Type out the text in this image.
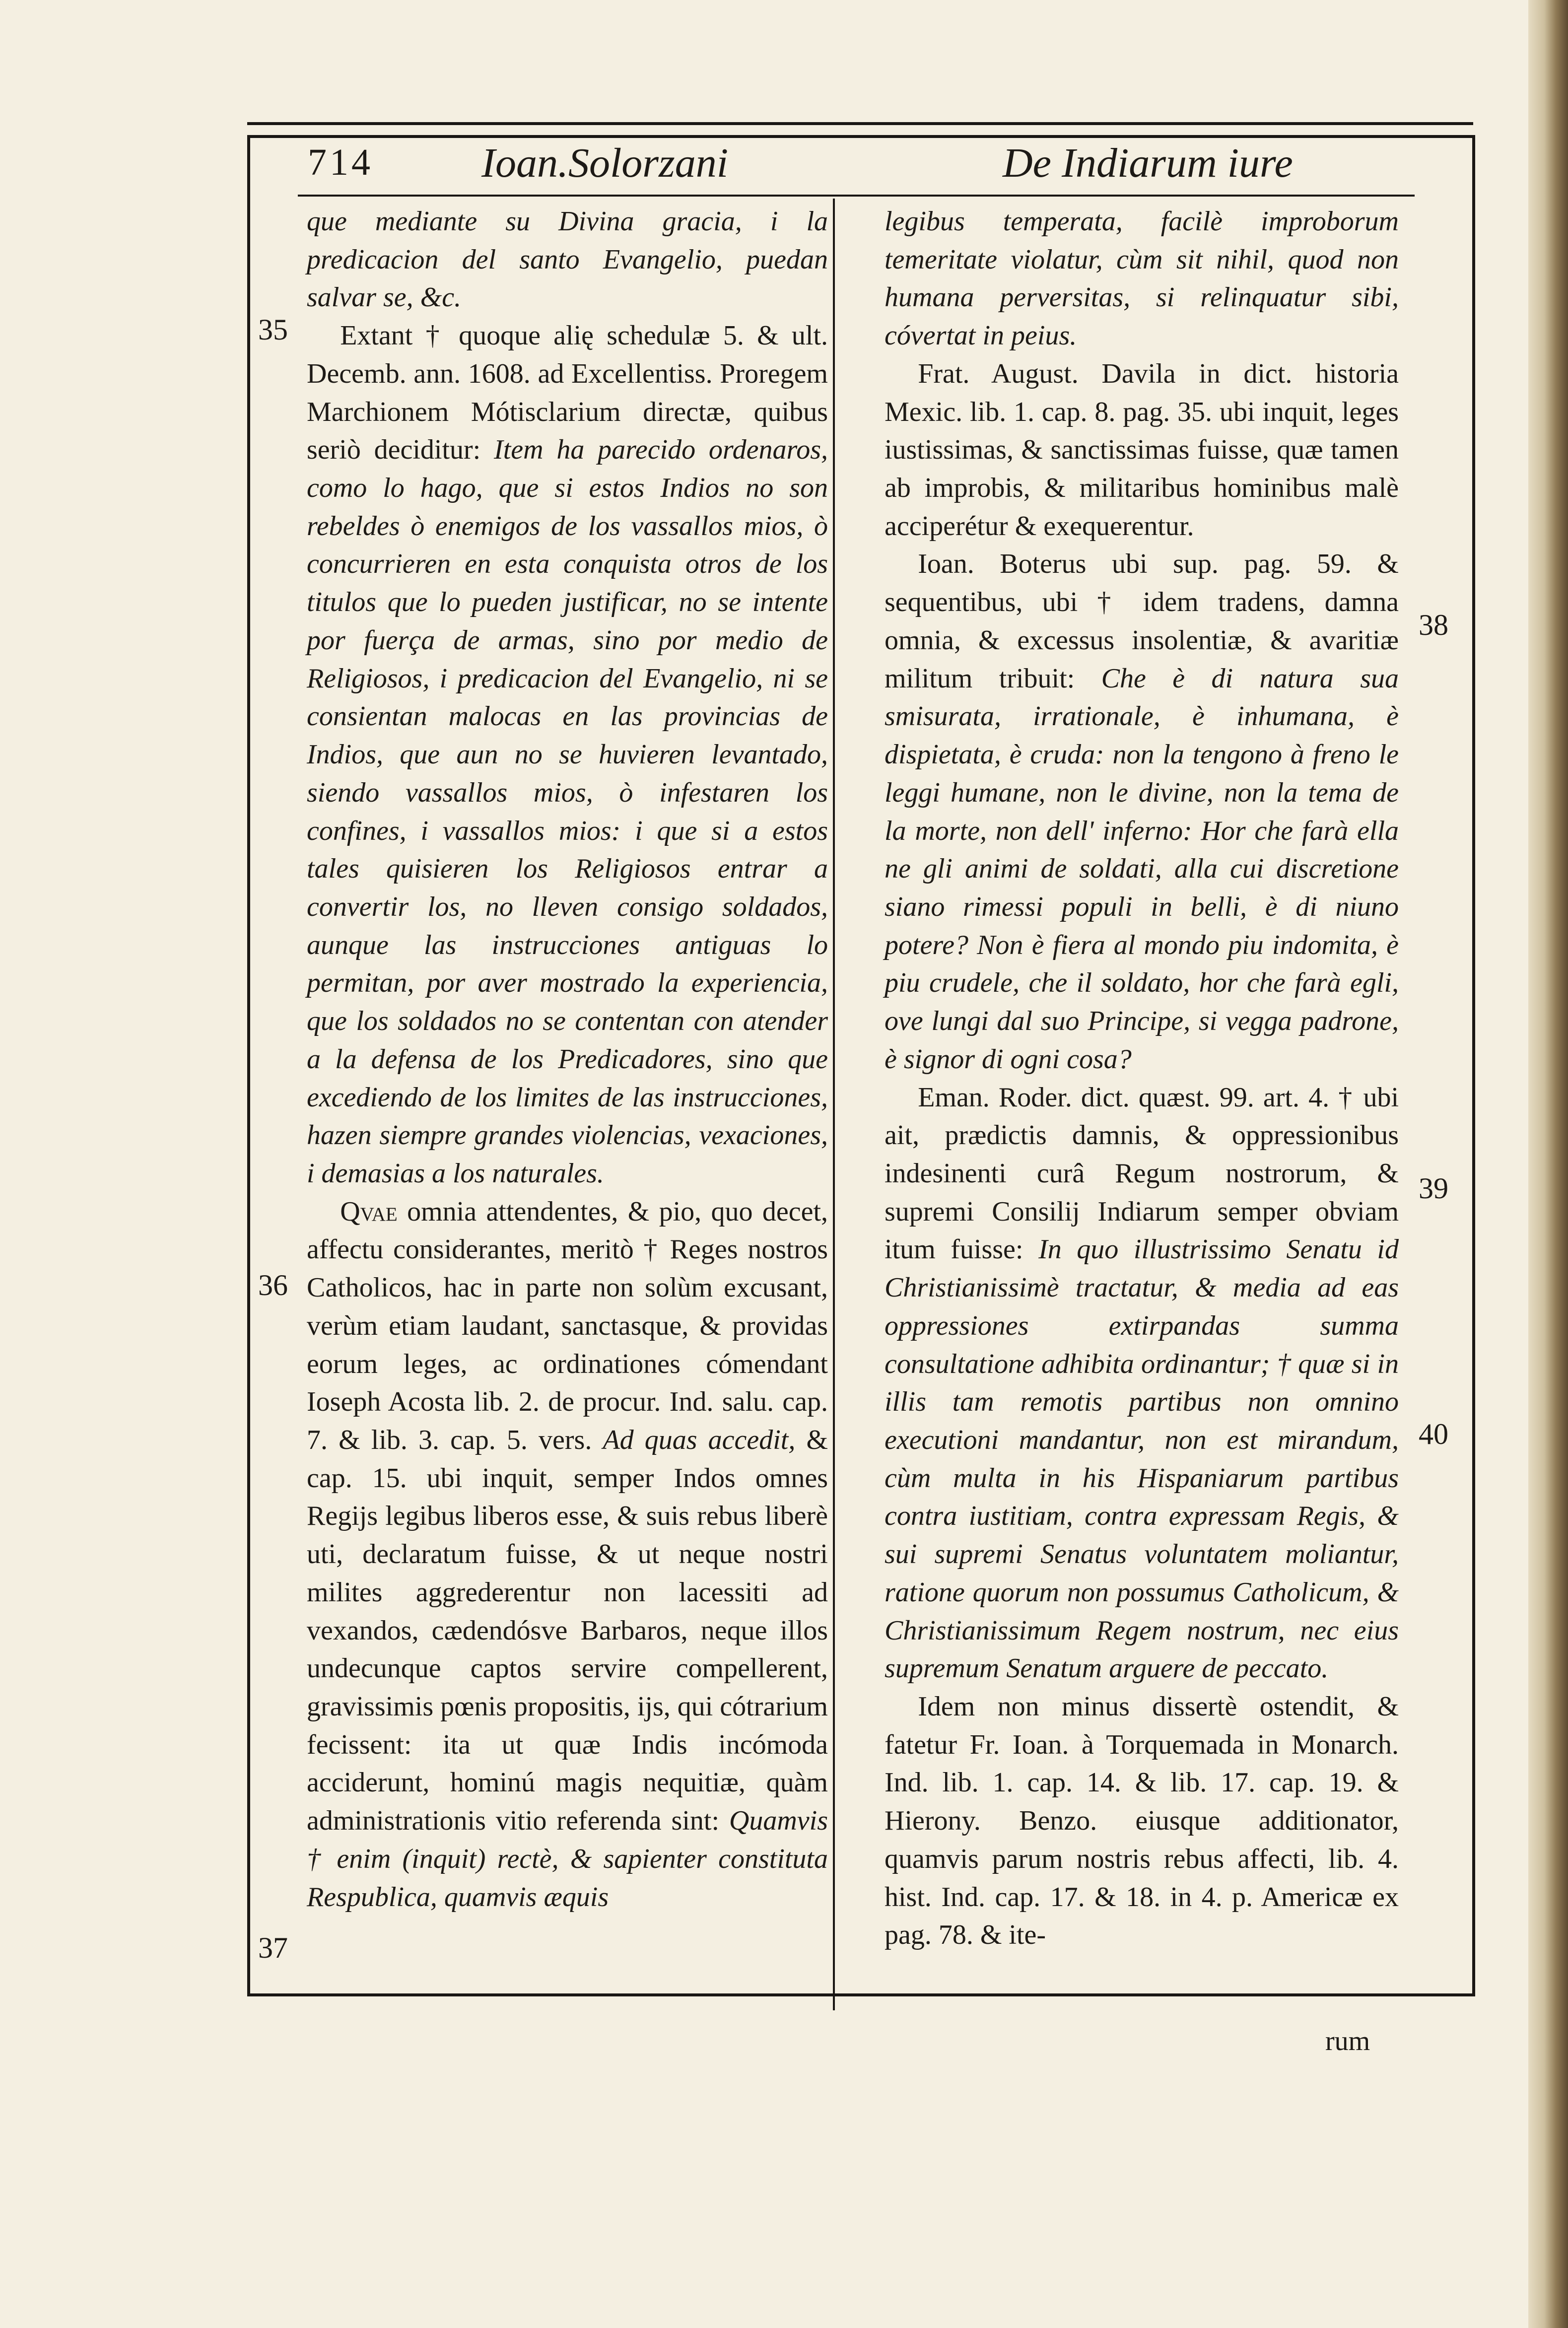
714	Ioan.Solorzani	De Indiarum iure

que mediante su Divina gracia, i la predicacion del santo Evangelio, puedan salvar se, &c.

Extant † quoque alię schedulæ 5. & ult. Decemb. ann. 1608. ad Excellentiss. Proregem Marchionem Mótisclarium directæ, quibus seriò deciditur: Item ha parecido ordenaros, como lo hago, que si estos Indios no son rebeldes ò enemigos de los vassallos mios, ò concurrieren en esta conquista otros de los titulos que lo pueden justificar, no se intente por fuerça de armas, sino por medio de Religiosos, i predicacion del Evangelio, ni se consientan malocas en las provincias de Indios, que aun no se huvieren levantado, siendo vassallos mios, ò infestaren los confines, i vassallos mios: i que si a estos tales quisieren los Religiosos entrar a convertir los, no lleven consigo soldados, aunque las instrucciones antiguas lo permitan, por aver mostrado la experiencia, que los soldados no se contentan con atender a la defensa de los Predicadores, sino que excediendo de los limites de las instrucciones, hazen siempre grandes violencias, vexaciones, i demasias a los naturales.

Qvae omnia attendentes, & pio, quo decet, affectu considerantes, meritò † Reges nostros Catholicos, hac in parte non solùm excusant, verùm etiam laudant, sanctasque, & providas eorum leges, ac ordinationes cómendant Ioseph Acosta lib. 2. de procur. Ind. salu. cap. 7. & lib. 3. cap. 5. vers. Ad quas accedit, & cap. 15. ubi inquit, semper Indos omnes Regijs legibus liberos esse, & suis rebus liberè uti, declaratum fuisse, & ut neque nostri milites aggrederentur non lacessiti ad vexandos, cædendósve Barbaros, neque illos undecunque captos servire compellerent, gravissimis pœnis propositis, ijs, qui cótrarium fecissent: ita ut quæ Indis incómoda acciderunt, hominú magis nequitiæ, quàm administrationis vitio referenda sint: Quamvis † enim (inquit) rectè, & sapienter constituta Respublica, quamvis æquis

legibus temperata, facilè improborum temeritate violatur, cùm sit nihil, quod non humana perversitas, si relinquatur sibi, cóvertat in peius.

Frat. August. Davila in dict. historia Mexic. lib. 1. cap. 8. pag. 35. ubi inquit, leges iustissimas, & sanctissimas fuisse, quæ tamen ab improbis, & militaribus hominibus malè acciperétur & exequerentur.

Ioan. Boterus ubi sup. pag. 59. & sequentibus, ubi † idem tradens, damna omnia, & excessus insolentiæ, & avaritiæ militum tribuit: Che è di natura sua smisurata, irrationale, è inhumana, è dispietata, è cruda: non la tengono à freno le leggi humane, non le divine, non la tema de la morte, non dell' inferno: Hor che farà ella ne gli animi de soldati, alla cui discretione siano rimessi populi in belli, è di niuno potere? Non è fiera al mondo piu indomita, è piu crudele, che il soldato, hor che farà egli, ove lungi dal suo Principe, si vegga padrone, è signor di ogni cosa?

Eman. Roder. dict. quæst. 99. art. 4. † ubi ait, prædictis damnis, & oppressionibus indesinenti curâ Regum nostrorum, & supremi Consilij Indiarum semper obviam itum fuisse: In quo illustrissimo Senatu id Christianissimè tractatur, & media ad eas oppressiones extirpandas summa consultatione adhibita ordinantur; † quæ si in illis tam remotis partibus non omnino executioni mandantur, non est mirandum, cùm multa in his Hispaniarum partibus contra iustitiam, contra expressam Regis, & sui supremi Senatus voluntatem moliantur, ratione quorum non possumus Catholicum, & Christianissimum Regem nostrum, nec eius supremum Senatum arguere de peccato.

Idem non minus dissertè ostendit, & fatetur Fr. Ioan. à Torquemada in Monarch. Ind. lib. 1. cap. 14. & lib. 17. cap. 19. & Hierony. Benzo. eiusque additionator, quamvis parum nostris rebus affecti, lib. 4. hist. Ind. cap. 17. & 18. in 4. p. Americæ ex pag. 78. & ite-

35
36
37
38
39
40
rum
